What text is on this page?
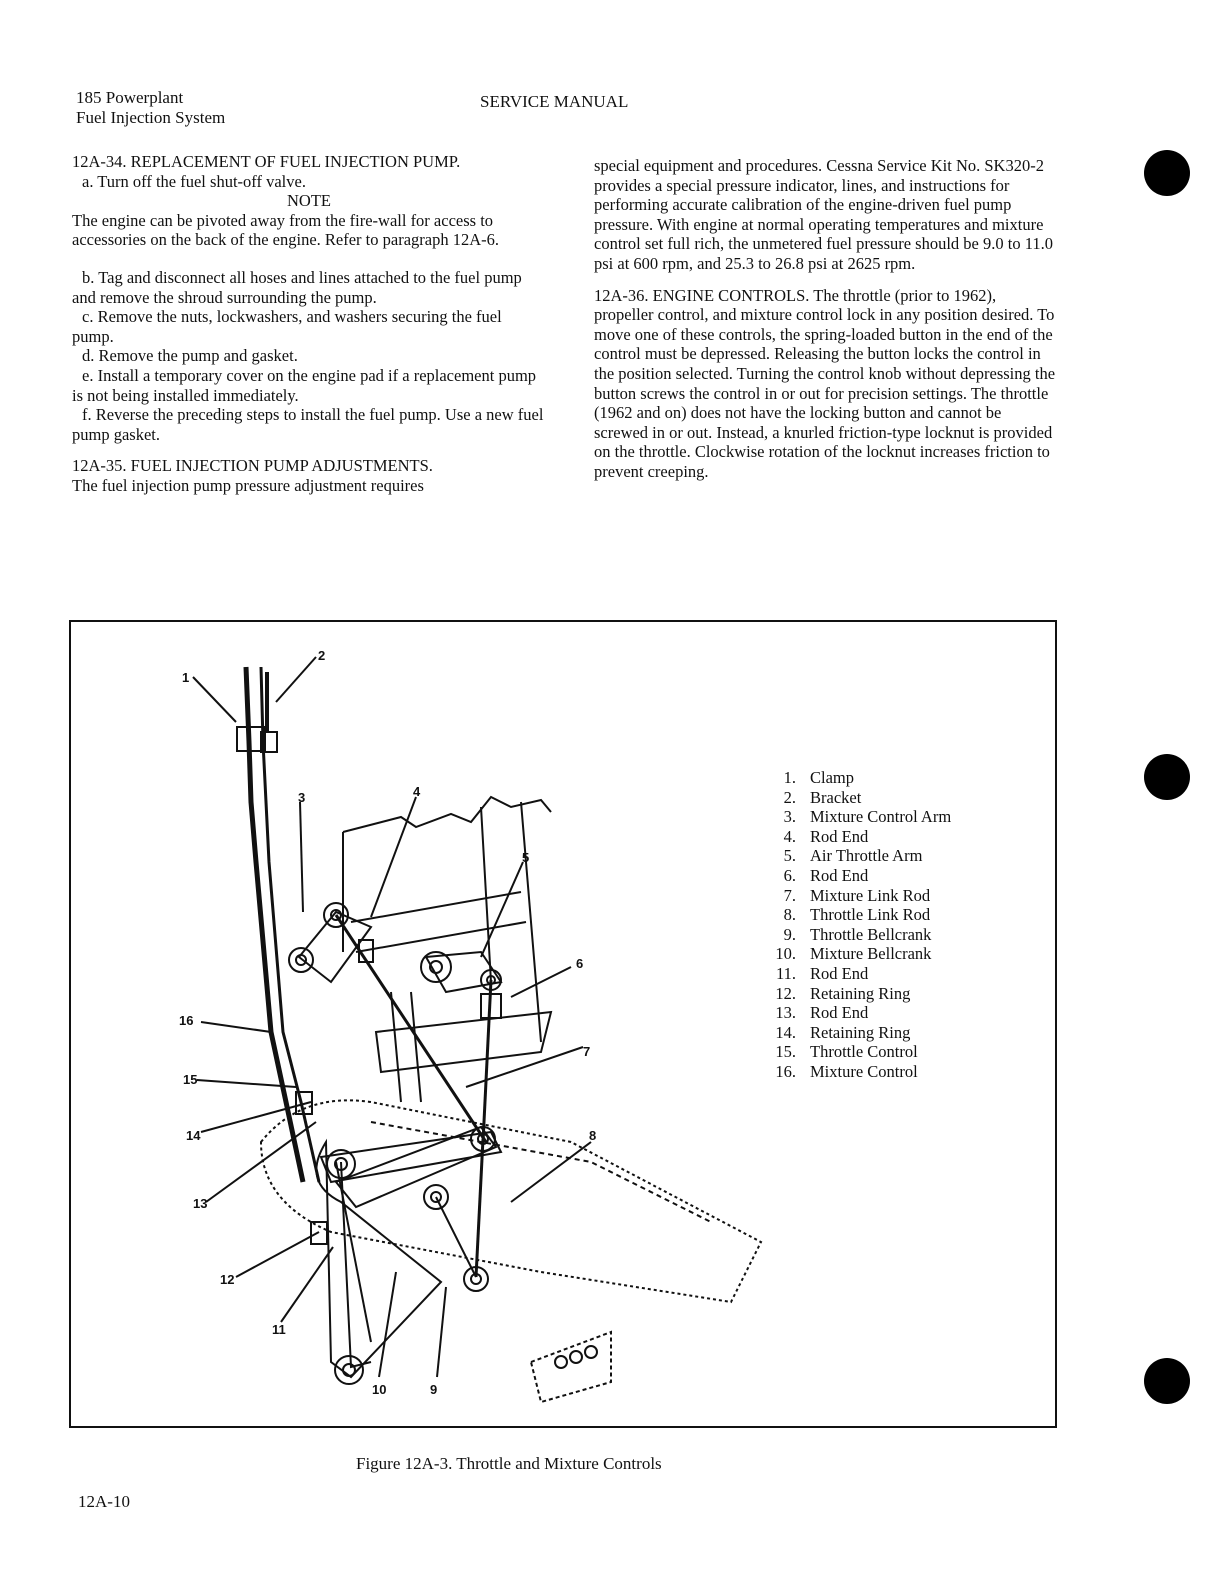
185 Powerplant
Fuel Injection System
SERVICE MANUAL

12A-34. REPLACEMENT OF FUEL INJECTION PUMP.

a. Turn off the fuel shut-off valve.

NOTE

The engine can be pivoted away from the fire-wall for access to accessories on the back of the engine. Refer to paragraph 12A-6.

b. Tag and disconnect all hoses and lines attached to the fuel pump and remove the shroud surrounding the pump.

c. Remove the nuts, lockwashers, and washers securing the fuel pump.

d. Remove the pump and gasket.

e. Install a temporary cover on the engine pad if a replacement pump is not being installed immediately.

f. Reverse the preceding steps to install the fuel pump. Use a new fuel pump gasket.

12A-35. FUEL INJECTION PUMP ADJUSTMENTS.

The fuel injection pump pressure adjustment requires

special equipment and procedures. Cessna Service Kit No. SK320-2 provides a special pressure indicator, lines, and instructions for performing accurate calibration of the engine-driven fuel pump pressure. With engine at normal operating temperatures and mixture control set full rich, the unmetered fuel pressure should be 9.0 to 11.0 psi at 600 rpm, and 25.3 to 26.8 psi at 2625 rpm.

12A-36. ENGINE CONTROLS. The throttle (prior to 1962), propeller control, and mixture control lock in any position desired. To move one of these controls, the spring-loaded button in the end of the control must be depressed. Releasing the button locks the control in the position selected. Turning the control knob without depressing the button screws the control in or out for precision settings. The throttle (1962 and on) does not have the locking button and cannot be screwed in or out. Instead, a knurled friction-type locknut is provided on the throttle. Clockwise rotation of the locknut increases friction to prevent creeping.

1
2
3	4
5
6
7
8
9
10
11
12
13
14
15
16
1. Clamp
2. Bracket
3. Mixture Control Arm
4. Rod End
5. Air Throttle Arm
6. Rod End
7. Mixture Link Rod
8. Throttle Link Rod
9. Throttle Bellcrank
10. Mixture Bellcrank
11. Rod End
12. Retaining Ring
13. Rod End
14. Retaining Ring
15. Throttle Control
16. Mixture Control
Figure 12A-3. Throttle and Mixture Controls
12A-10
